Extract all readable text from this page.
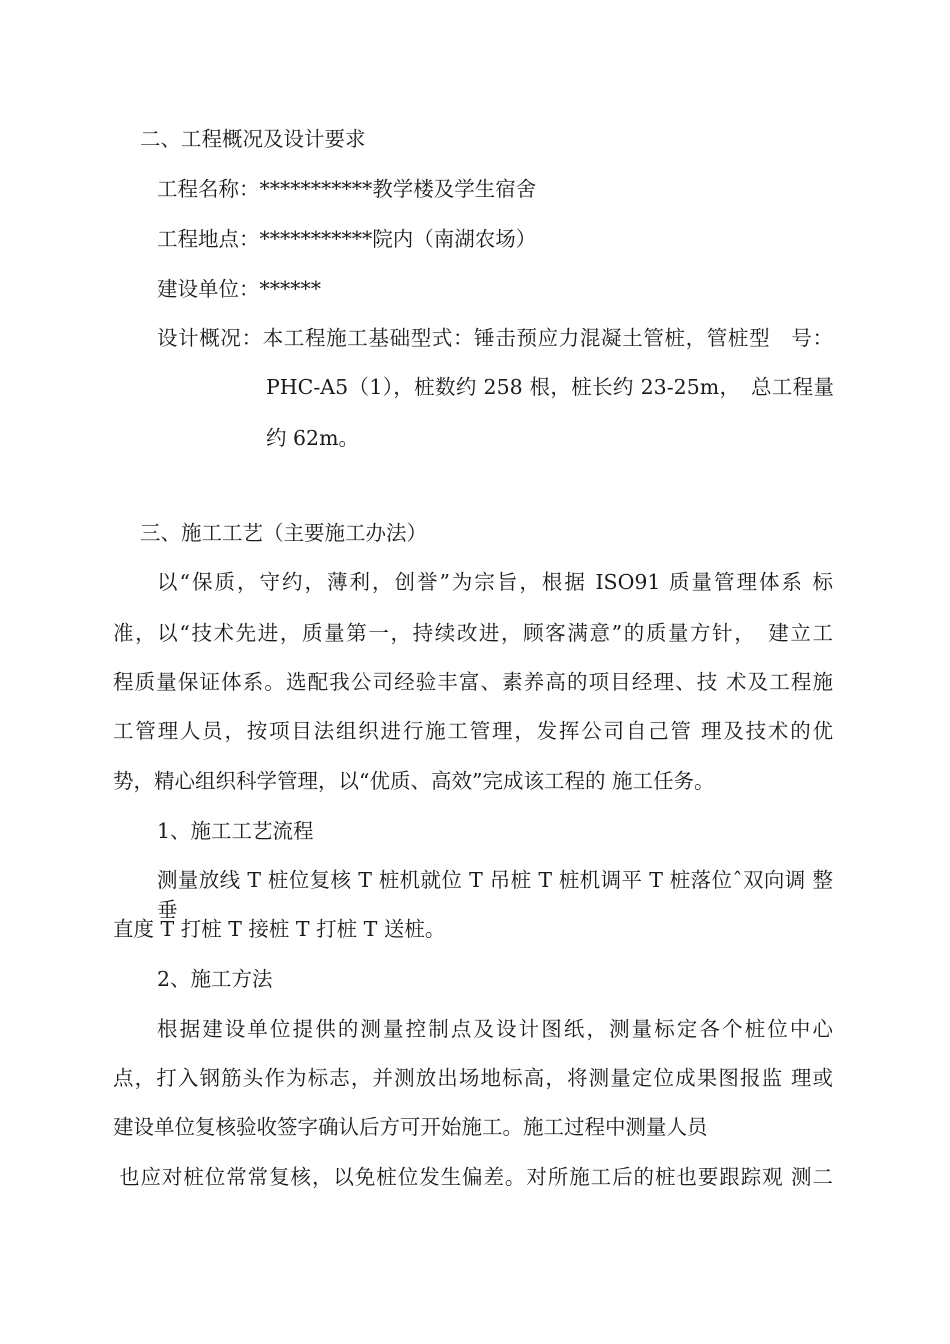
二、工程概况及设计要求
工程名称：***********教学楼及学生宿舍
工程地点：***********院内（南湖农场）
建设单位：******
设计概况：本工程施工基础型式：锤击预应力混凝土管桩，管桩型　号：
PHC-A5（1），桩数约 258 根，桩长约 23-25m，　总工程量
约 62m。
三、施工工艺（主要施工办法）
以“保质，守约，薄利，创誉”为宗旨，根据 ISO91 质量管理体系 标
准，以“技术先进，质量第一，持续改进，顾客满意”的质量方针，　建立工
程质量保证体系。选配我公司经验丰富、素养高的项目经理、技 术及工程施
工管理人员，按项目法组织进行施工管理，发挥公司自己管 理及技术的优
势，精心组织科学管理，以“优质、高效”完成该工程的 施工任务。
1、施工工艺流程
测量放线 T 桩位复核 T 桩机就位 T 吊桩 T 桩机调平 T 桩落位ˆ双向调 整垂
直度 T 打桩 T 接桩 T 打桩 T 送桩。
2、施工方法
根据建设单位提供的测量控制点及设计图纸，测量标定各个桩位中心
点，打入钢筋头作为标志，并测放出场地标高，将测量定位成果图报监 理或
建设单位复核验收签字确认后方可开始施工。施工过程中测量人员
也应对桩位常常复核，以免桩位发生偏差。对所施工后的桩也要跟踪观 测二
